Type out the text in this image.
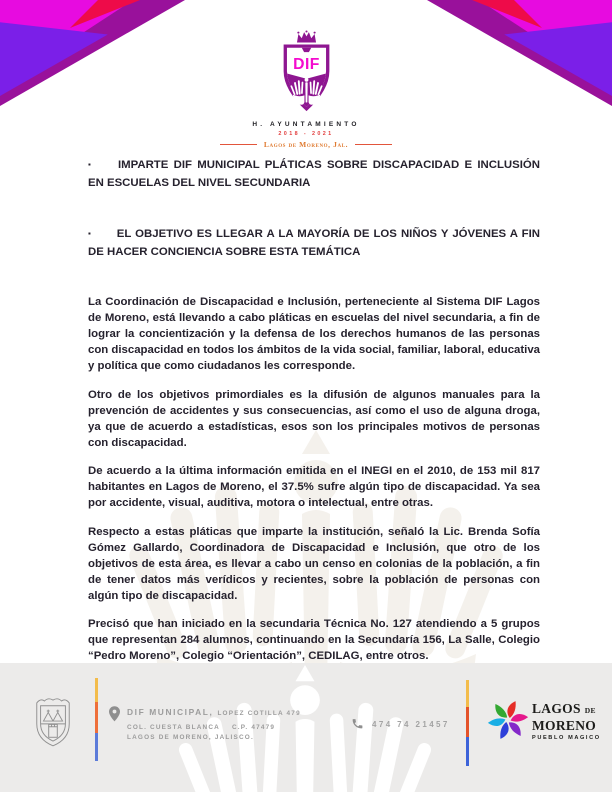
DIF
H. AYUNTAMIENTO
2018 - 2021
Lagos de Moreno, Jal.

▪ IMPARTE DIF MUNICIPAL PLÁTICAS SOBRE DISCAPACIDAD E INCLUSIÓN EN ESCUELAS DEL NIVEL SECUNDARIA

▪ EL OBJETIVO ES LLEGAR A LA MAYORÍA DE LOS NIÑOS Y JÓVENES A FIN DE HACER CONCIENCIA SOBRE ESTA TEMÁTICA

La Coordinación de Discapacidad e Inclusión, perteneciente al Sistema DIF Lagos de Moreno, está llevando a cabo pláticas en escuelas del nivel secundaria, a fin de lograr la concientización y la defensa de los derechos humanos de las personas con discapacidad en todos los ámbitos de la vida social, familiar, laboral, educativa y política que como ciudadanos les corresponde.

Otro de los objetivos primordiales es la difusión de algunos manuales para la prevención de accidentes y sus consecuencias, así como el uso de alguna droga, ya que de acuerdo a estadísticas, esos son los principales motivos de personas con discapacidad.

De acuerdo a la última información emitida en el INEGI en el 2010, de 153 mil 817 habitantes en Lagos de Moreno, el 37.5% sufre algún tipo de discapacidad. Ya sea por accidente, visual, auditiva, motora o intelectual, entre otras.

Respecto a estas pláticas que imparte la institución, señaló la Lic. Brenda Sofía Gómez Gallardo, Coordinadora de Discapacidad e Inclusión, que otro de los objetivos de esta área, es llevar a cabo un censo en colonias de la población, a fin de tener datos más verídicos y recientes, sobre la población de personas con algún tipo de discapacidad.

Precisó que han iniciado en la secundaria Técnica No. 127 atendiendo a 5 grupos que representan 284 alumnos, continuando en la Secundaría 156, La Salle, Colegio “Pedro Moreno”, Colegio “Orientación”, CEDILAG, entre otros.

DIF MUNICIPAL, LOPEZ COTILLA 479
COL. CUESTA BLANCA C.P. 47479
LAGOS DE MORENO, JALISCO.
474 74 21457
LAGOS DE
MORENO
PUEBLO MAGICO
